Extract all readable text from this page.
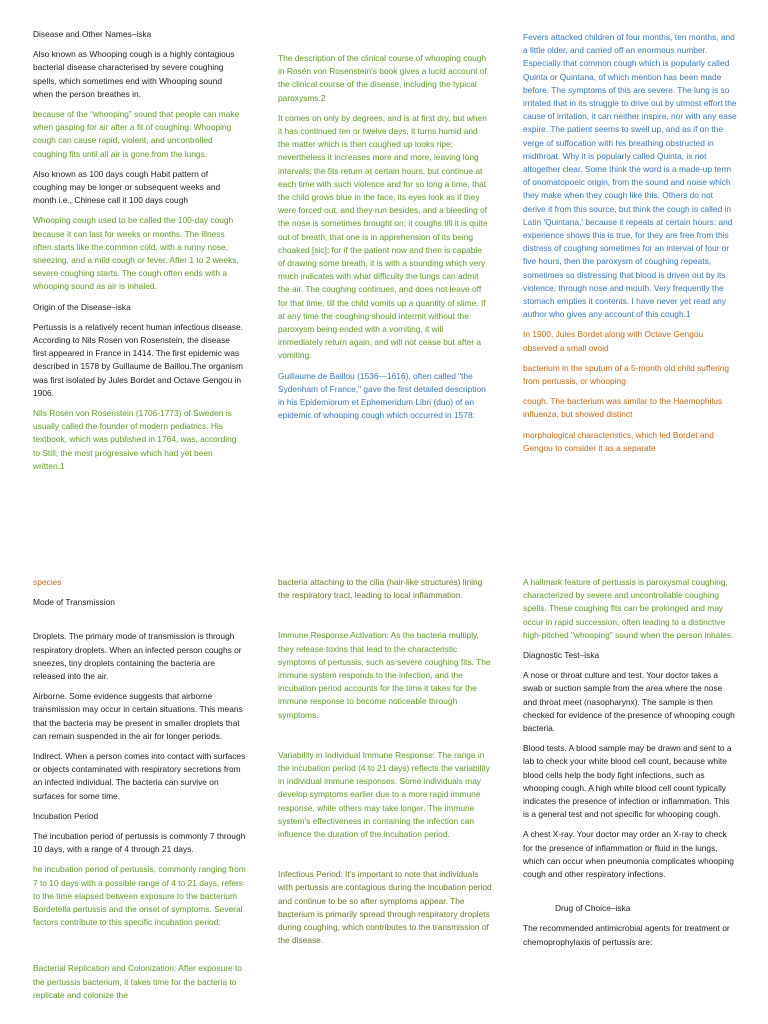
Disease and Other Names–iska

Also known as Whooping cough is a highly contagious bacterial disease characterised by severe coughing spells, which sometimes end with Whooping sound when the person breathes in.

because of the “whooping” sound that people can make when gasping for air after a fit of coughing. Whooping cough can cause rapid, violent, and uncontrolled coughing fits until all air is gone from the lungs.

Also known as 100 days cough Habit pattern of coughing may be longer or subsequent weeks and month i.e., Chinese call it 100 days cough

Whooping cough used to be called the 100-day cough because it can last for weeks or months. The illness often starts like the common cold, with a runny nose, sneezing, and a mild cough or fever. After 1 to 2 weeks, severe coughing starts. The cough often ends with a whooping sound as air is inhaled.

Origin of the Disease–iska

Pertussis is a relatively recent human infectious disease. According to Nils Rosen von Rosenstein, the disease first appeared in France in 1414. The first epidemic was described in 1578 by Guillaume de Baillou.The organism was first isolated by Jules Bordet and Octave Gengou in 1906.

Nils Rosén von Rosenstein (1706-1773) of Sweden is usually called the founder of modern pediatrics. His textbook, which was published in 1764, was, according to Still, the most progressive which had yet been written.1

The description of the clinical course of whooping cough in Rosén von Rosenstein's book gives a lucid account of the clinical course of the disease, including the typical paroxysms.2

It comes on only by degrees, and is at first dry, but when it has continued ten or twelve days, it turns humid and the matter which is then coughed up looks ripe; nevertheless it increases more and more, leaving long intervals; the fits return at certain hours, but continue at each time with such violence and for so long a time, that the child grows blue in the face, its eyes look as if they were forced out, and they run besides, and a bleeding of the nose is sometimes brought on; it coughs till it is quite out of breath, that one is in apprehension of its being choaked [sic]; for if the patient now and then is capable of drawing some breath, it is with a sounding which very much indicates with what difficulty the lungs can admit the air. The coughing continues, and does not leave off for that time, till the child vomits up a quantity of slime. If at any time the coughing should intermit without the paroxysm being ended with a vomiting, it will immediately return again, and will not cease but after a vomiting.

Guillaume de Baillou (1536—1616), often called "the Sydenham of France," gave the first detailed description in his Epidemiorum et Ephemeridum Libri (duo) of an epidemic of whooping cough which occurred in 1578:

Fevers attacked children of four months, ten months, and a little older, and carried off an enormous number. Especially that common cough which is popularly called Quinta or Quintana, of which mention has been made before. The symptoms of this are severe. The lung is so irritated that in its struggle to drive out by utmost effort the cause of irritation, it can neither inspire, nor with any ease expire. The patient seems to swell up, and as if on the verge of suffocation with his breathing obstructed in midthroat. Why it is popularly called Quinta, is not altogether clear. Some think the word is a made-up term of onomatopoeic origin, from the sound and noise which they make when they cough like this. Others do not derive it from this source, but think the cough is called in Latin 'Quintana,' because it repeats at certain hours: and experience shows this is true, for they are free from this distress of coughing sometimes for an interval of four or five hours, then the paroxysm of coughing repeats, sometimes so distressing that blood is driven out by its violence, through nose and mouth. Very frequently the stomach empties it contents. I have never yet read any author who gives any account of this cough.1

In 1900, Jules Bordet along with Octave Gengou observed a small ovoid

bacterium in the sputum of a 5-month old child suffering from pertussis, or whooping

cough. The bacterium was similar to the Haemophilus influenza, but showed distinct

morphological characteristics, which led Bordet and Gengou to consider it as a separate

species

Mode of Transmission

Droplets. The primary mode of transmission is through respiratory droplets. When an infected person coughs or sneezes, tiny droplets containing the bacteria are released into the air.

Airborne. Some evidence suggests that airborne transmission may occur in certain situations. This means that the bacteria may be present in smaller droplets that can remain suspended in the air for longer periods.

Indirect. When a person comes into contact with surfaces or objects contaminated with respiratory secretions from an infected individual. The bacteria can survive on surfaces for some time.

Incubation Period

The incubation period of pertussis is commonly 7 through 10 days, with a range of 4 through 21 days.

he incubation period of pertussis, commonly ranging from 7 to 10 days with a possible range of 4 to 21 days, refers to the time elapsed between exposure to the bacterium Bordetella pertussis and the onset of symptoms. Several factors contribute to this specific incubation period:

Bacterial Replication and Colonization: After exposure to the pertussis bacterium, it takes time for the bacteria to replicate and colonize the

bacteria attaching to the cilia (hair-like structures) lining the respiratory tract, leading to local inflammation.

Immune Response Activation: As the bacteria multiply, they release toxins that lead to the characteristic symptoms of pertussis, such as severe coughing fits. The immune system responds to the infection, and the incubation period accounts for the time it takes for the immune response to become noticeable through symptoms.

Variability in Individual Immune Response: The range in the incubation period (4 to 21 days) reflects the variability in individual immune responses. Some individuals may develop symptoms earlier due to a more rapid immune response, while others may take longer. The immune system's effectiveness in containing the infection can influence the duration of the incubation period.

Infectious Period: It's important to note that individuals with pertussis are contagious during the incubation period and continue to be so after symptoms appear. The bacterium is primarily spread through respiratory droplets during coughing, which contributes to the transmission of the disease.

A hallmark feature of pertussis is paroxysmal coughing, characterized by severe and uncontrollable coughing spells. These coughing fits can be prolonged and may occur in rapid succession, often leading to a distinctive high-pitched "whooping" sound when the person inhales.

Diagnostic Test–iska

A nose or throat culture and test. Your doctor takes a swab or suction sample from the area where the nose and throat meet (nasopharynx). The sample is then checked for evidence of the presence of whooping cough bacteria.

Blood tests. A blood sample may be drawn and sent to a lab to check your white blood cell count, because white blood cells help the body fight infections, such as whooping cough. A high white blood cell count typically indicates the presence of infection or inflammation. This is a general test and not specific for whooping cough.

A chest X-ray. Your doctor may order an X-ray to check for the presence of inflammation or fluid in the lungs, which can occur when pneumonia complicates whooping cough and other respiratory infections.

Drug of Choice–iska

The recommended antimicrobial agents for treatment or chemoprophylaxis of pertussis are:
